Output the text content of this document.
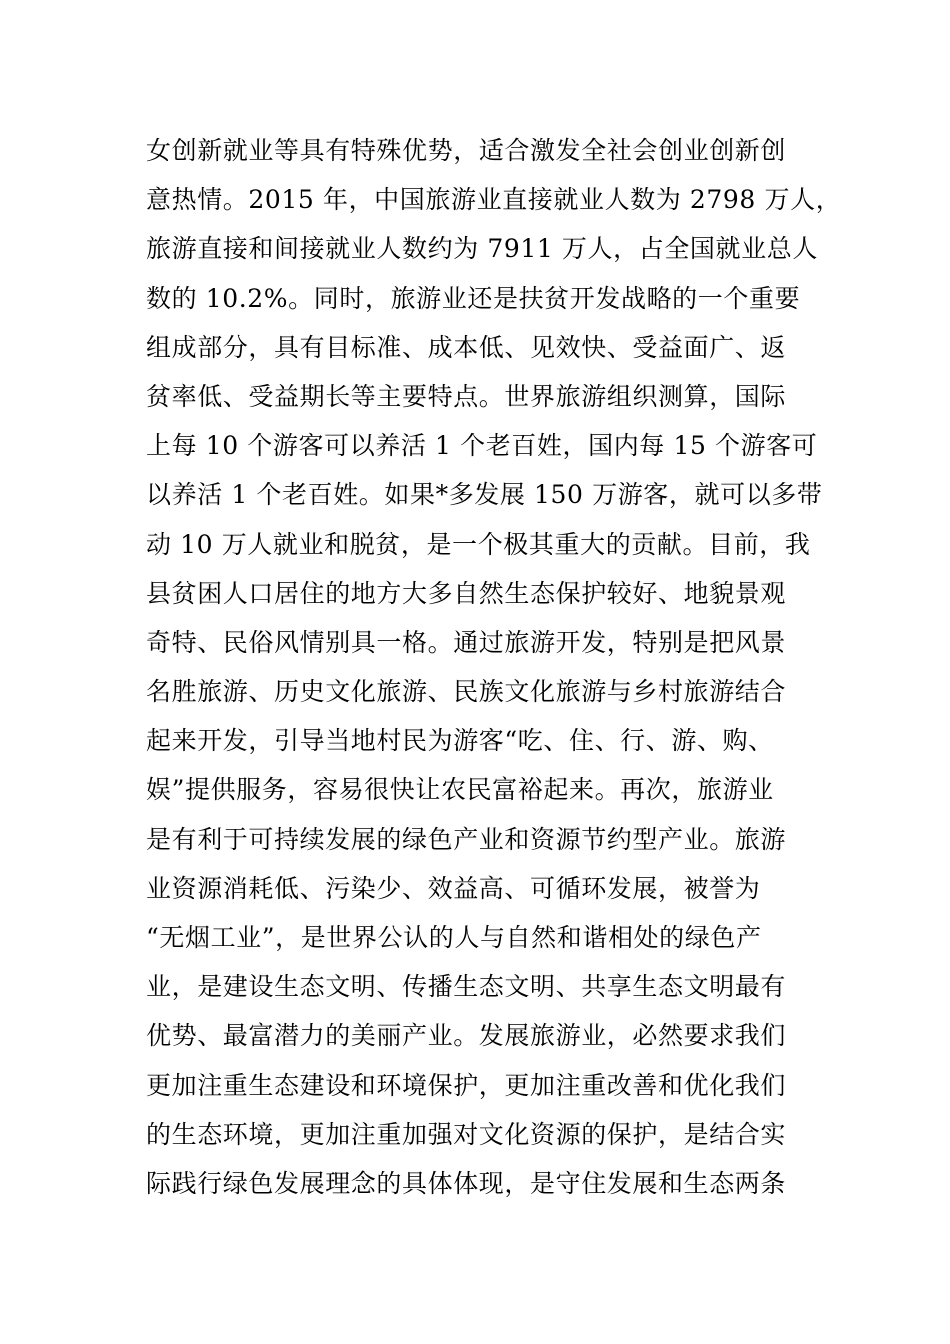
女创新就业等具有特殊优势，适合激发全社会创业创新创
意热情。2015 年，中国旅游业直接就业人数为 2798 万人，
旅游直接和间接就业人数约为 7911 万人，占全国就业总人
数的 10.2%。同时，旅游业还是扶贫开发战略的一个重要
组成部分，具有目标准、成本低、见效快、受益面广、返
贫率低、受益期长等主要特点。世界旅游组织测算，国际
上每 10 个游客可以养活 1 个老百姓，国内每 15 个游客可
以养活 1 个老百姓。如果*多发展 150 万游客，就可以多带
动 10 万人就业和脱贫，是一个极其重大的贡献。目前，我
县贫困人口居住的地方大多自然生态保护较好、地貌景观
奇特、民俗风情别具一格。通过旅游开发，特别是把风景
名胜旅游、历史文化旅游、民族文化旅游与乡村旅游结合
起来开发，引导当地村民为游客“吃、住、行、游、购、
娱”提供服务，容易很快让农民富裕起来。再次，旅游业
是有利于可持续发展的绿色产业和资源节约型产业。旅游
业资源消耗低、污染少、效益高、可循环发展，被誉为
“无烟工业”，是世界公认的人与自然和谐相处的绿色产
业，是建设生态文明、传播生态文明、共享生态文明最有
优势、最富潜力的美丽产业。发展旅游业，必然要求我们
更加注重生态建设和环境保护，更加注重改善和优化我们
的生态环境，更加注重加强对文化资源的保护，是结合实
际践行绿色发展理念的具体体现，是守住发展和生态两条
